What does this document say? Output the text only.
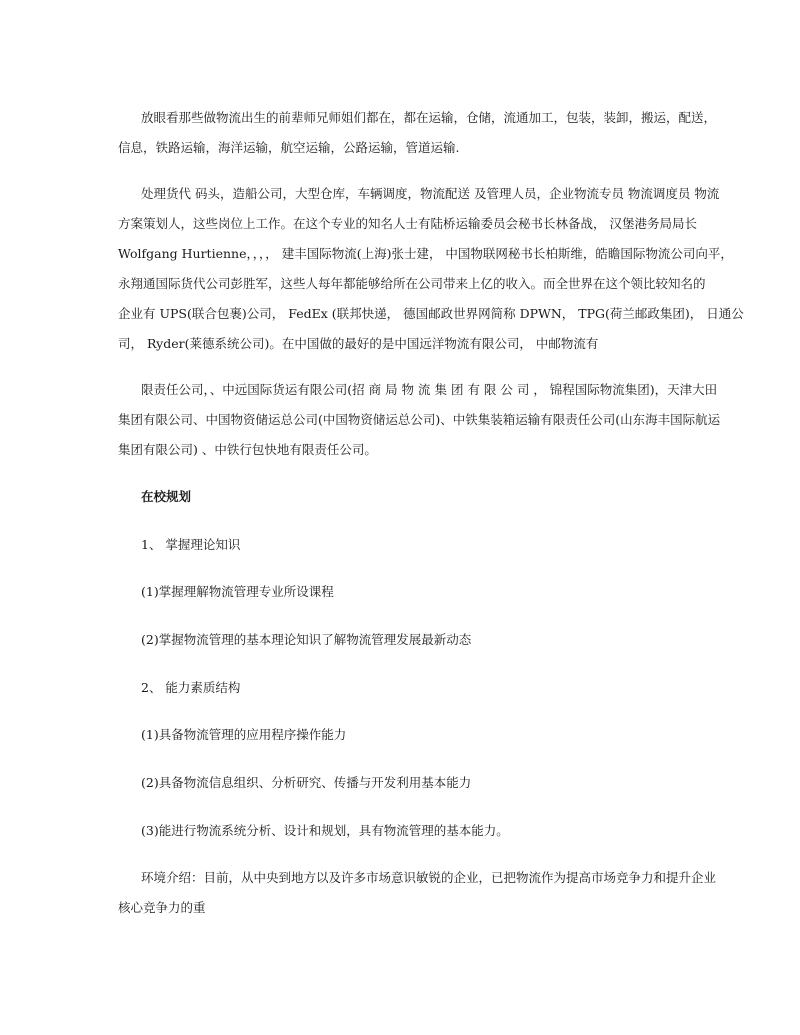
放眼看那些做物流出生的前辈师兄师姐们都在，都在运输，仓储，流通加工，包装，装卸，搬运，配送，
信息，铁路运输，海洋运输，航空运输，公路运输，管道运输.
处理货代 码头，造船公司，大型仓库，车辆调度，物流配送 及管理人员，企业物流专员 物流调度员 物流
方案策划人，这些岗位上工作。在这个专业的知名人士有陆桥运输委员会秘书长林备战， 汉堡港务局局长
Wolfgang Hurtienne，，，， 建丰国际物流(上海)张士建， 中国物联网秘书长柏斯维，皓瞻国际物流公司向平，
永翔通国际货代公司彭胜军，这些人每年都能够给所在公司带来上亿的收入。而全世界在这个领比较知名的
企业有 UPS(联合包裹)公司， FedEx (联邦快递， 德国邮政世界网简称 DPWN， TPG(荷兰邮政集团)， 日通公
司， Ryder(莱德系统公司)。在中国做的最好的是中国远洋物流有限公司， 中邮物流有
限责任公司，、中远国际货运有限公司(招 商 局 物 流 集 团 有 限 公 司 ， 锦程国际物流集团)，天津大田
集团有限公司、中国物资储运总公司(中国物资储运总公司)、中铁集装箱运输有限责任公司(山东海丰国际航运
集团有限公司) 、中铁行包快地有限责任公司。
在校规划
1、 掌握理论知识
(1)掌握理解物流管理专业所设课程
(2)掌握物流管理的基本理论知识了解物流管理发展最新动态
2、 能力素质结构
(1)具备物流管理的应用程序操作能力
(2)具备物流信息组织、分析研究、传播与开发利用基本能力
(3)能进行物流系统分析、设计和规划，具有物流管理的基本能力。
环境介绍：目前，从中央到地方以及许多市场意识敏锐的企业，已把物流作为提高市场竞争力和提升企业
核心竞争力的重
